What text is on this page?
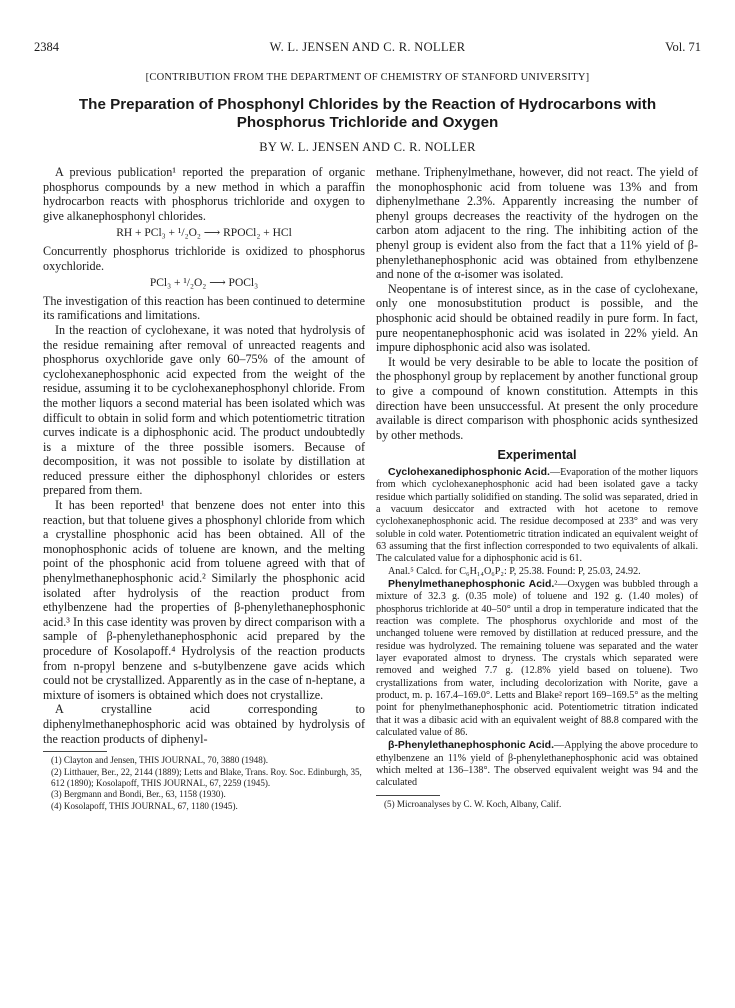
2384	W. L. JENSEN AND C. R. NOLLER	Vol. 71
[CONTRIBUTION FROM THE DEPARTMENT OF CHEMISTRY OF STANFORD UNIVERSITY]
The Preparation of Phosphonyl Chlorides by the Reaction of Hydrocarbons with Phosphorus Trichloride and Oxygen
BY W. L. JENSEN AND C. R. NOLLER

A previous publication¹ reported the preparation of organic phosphorus compounds by a new method in which a paraffin hydrocarbon reacts with phosphorus trichloride and oxygen to give alkanephosphonyl chlorides.

RH + PCl₃ + ¹/₂O₂ ⟶ RPOCl₂ + HCl

Concurrently phosphorus trichloride is oxidized to phosphorus oxychloride.

PCl₃ + ¹/₂O₂ ⟶ POCl₃

The investigation of this reaction has been continued to determine its ramifications and limitations.

In the reaction of cyclohexane, it was noted that hydrolysis of the residue remaining after removal of unreacted reagents and phosphorus oxychloride gave only 60–75% of the amount of cyclohexanephosphonic acid expected from the weight of the residue, assuming it to be cyclohexanephosphonyl chloride. From the mother liquors a second material has been isolated which was difficult to obtain in solid form and which potentiometric titration curves indicate is a diphosphonic acid. The product undoubtedly is a mixture of the three possible isomers. Because of decomposition, it was not possible to isolate by distillation at reduced pressure either the diphosphonyl chlorides or esters prepared from them.

It has been reported¹ that benzene does not enter into this reaction, but that toluene gives a phosphonyl chloride from which a crystalline phosphonic acid has been obtained. All of the monophosphonic acids of toluene are known, and the melting point of the phosphonic acid from toluene agreed with that of phenylmethanephosphonic acid.² Similarly the phosphonic acid isolated after hydrolysis of the reaction product from ethylbenzene had the properties of β-phenylethanephosphonic acid.³ In this case identity was proven by direct comparison with a sample of β-phenylethanephosphonic acid prepared by the procedure of Kosolapoff.⁴ Hydrolysis of the reaction products from n-propyl benzene and s-butylbenzene gave acids which could not be crystallized. Apparently as in the case of n-heptane, a mixture of isomers is obtained which does not crystallize.

A crystalline acid corresponding to diphenylmethanephosphoric acid was obtained by hydrolysis of the reaction products of diphenyl-

(1) Clayton and Jensen, THIS JOURNAL, 70, 3880 (1948).
(2) Litthauer, Ber., 22, 2144 (1889); Letts and Blake, Trans. Roy. Soc. Edinburgh, 35, 612 (1890); Kosolapoff, THIS JOURNAL, 67, 2259 (1945).
(3) Bergmann and Bondi, Ber., 63, 1158 (1930).
(4) Kosolapoff, THIS JOURNAL, 67, 1180 (1945).

methane. Triphenylmethane, however, did not react. The yield of the monophosphonic acid from toluene was 13% and from diphenylmethane 2.3%. Apparently increasing the number of phenyl groups decreases the reactivity of the hydrogen on the carbon atom adjacent to the ring. The inhibiting action of the phenyl group is evident also from the fact that a 11% yield of β-phenylethanephosphonic acid was obtained from ethylbenzene and none of the α-isomer was isolated.

Neopentane is of interest since, as in the case of cyclohexane, only one monosubstitution product is possible, and the phosphonic acid should be obtained readily in pure form. In fact, pure neopentanephosphonic acid was isolated in 22% yield. An impure diphosphonic acid also was isolated.

It would be very desirable to be able to locate the position of the phosphonyl group by replacement by another functional group to give a compound of known constitution. Attempts in this direction have been unsuccessful. At present the only procedure available is direct comparison with phosphonic acids synthesized by other methods.

Experimental

Cyclohexanediphosphonic Acid.—Evaporation of the mother liquors from which cyclohexanephosphonic acid had been isolated gave a tacky residue which partially solidified on standing. The solid was separated, dried in a vacuum desiccator and extracted with hot acetone to remove cyclohexanephosphonic acid. The residue decomposed at 233° and was very soluble in cold water. Potentiometric titration indicated an equivalent weight of 63 assuming that the first inflection corresponded to two equivalents of alkali. The calculated value for a diphosphonic acid is 61.

Anal.⁵ Calcd. for C₆H₁₄O₆P₂: P, 25.38. Found: P, 25.03, 24.92.

Phenylmethanephosphonic Acid.²—Oxygen was bubbled through a mixture of 32.3 g. (0.35 mole) of toluene and 192 g. (1.40 moles) of phosphorus trichloride at 40–50° until a drop in temperature indicated that the reaction was complete. The phosphorus oxychloride and most of the unchanged toluene were removed by distillation at reduced pressure, and the residue was hydrolyzed. The remaining toluene was separated and the water layer evaporated almost to dryness. The crystals which separated were removed and weighed 7.7 g. (12.8% yield based on toluene). Two crystallizations from water, including decolorization with Norite, gave a product, m. p. 167.4–169.0°. Letts and Blake² report 169–169.5° as the melting point for phenylmethanephosphonic acid. Potentiometric titration indicated that it was a dibasic acid with an equivalent weight of 88.8 compared with the calculated value of 86.

β-Phenylethanephosphonic Acid.—Applying the above procedure to ethylbenzene an 11% yield of β-phenylethanephosphonic acid was obtained which melted at 136–138°. The observed equivalent weight was 94 and the calculated

(5) Microanalyses by C. W. Koch, Albany, Calif.
